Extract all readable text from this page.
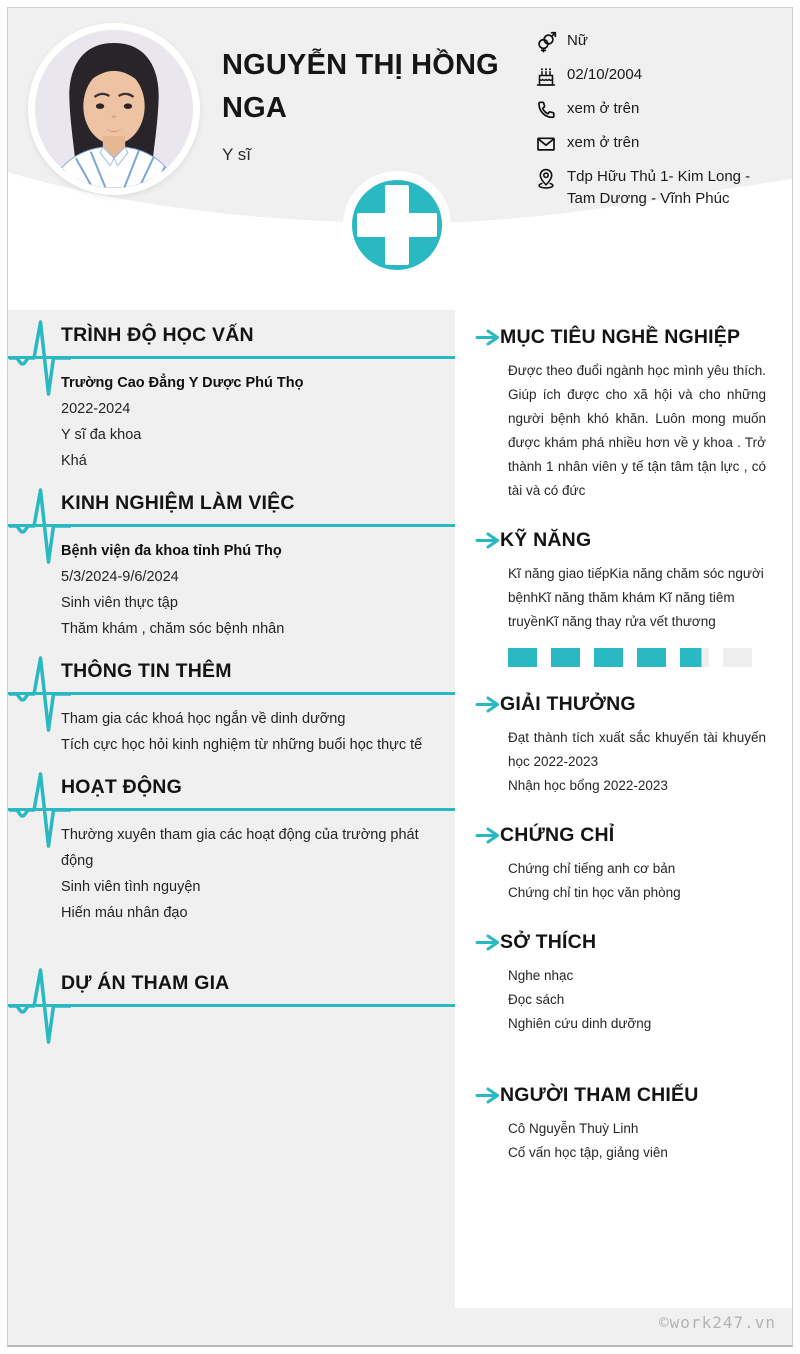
NGUYỄN THỊ HỒNG NGA
Y sĩ
Nữ
02/10/2004
xem ở trên
xem ở trên
Tdp Hữu Thủ 1- Kim Long - Tam Dương - Vĩnh Phúc
TRÌNH ĐỘ HỌC VẤN
Trường Cao Đẳng Y Dược Phú Thọ
2022-2024
Y sĩ đa khoa
Khá
KINH NGHIỆM LÀM VIỆC
Bệnh viện đa khoa tỉnh Phú Thọ
5/3/2024-9/6/2024
Sinh viên thực tập
Thăm khám , chăm sóc bệnh nhân
THÔNG TIN THÊM
Tham gia các khoá học ngắn về dinh dưỡng
Tích cực học hỏi kinh nghiệm từ những buổi học thực tế
HOẠT ĐỘNG
Thường xuyên tham gia các hoạt động của trường phát động
Sinh viên tình nguyện
Hiến máu nhân đạo
DỰ ÁN THAM GIA
MỤC TIÊU NGHỀ NGHIỆP
Được theo đuổi ngành học mình yêu thích. Giúp ích được cho xã hội và cho những người bệnh khó khăn. Luôn mong muốn được khám phá nhiều hơn về y khoa . Trở thành 1 nhân viên y tế tận tâm tận lực , có tài và có đức
KỸ NĂNG
Kĩ năng giao tiếpKia năng chăm sóc người bệnhKĩ năng thăm khám Kĩ năng tiêm truyềnKĩ năng thay rửa vết thương
GIẢI THƯỞNG
Đạt thành tích xuất sắc khuyến tài khuyến học 2022-2023
Nhận học bổng 2022-2023
CHỨNG CHỈ
Chứng chỉ tiếng anh cơ bản
Chứng chỉ tin học văn phòng
SỞ THÍCH
Nghe nhạc
Đọc sách
Nghiên cứu dinh dưỡng
NGƯỜI THAM CHIẾU
Cô Nguyễn Thuỳ Linh
Cố vấn học tập, giảng viên
©work247.vn
